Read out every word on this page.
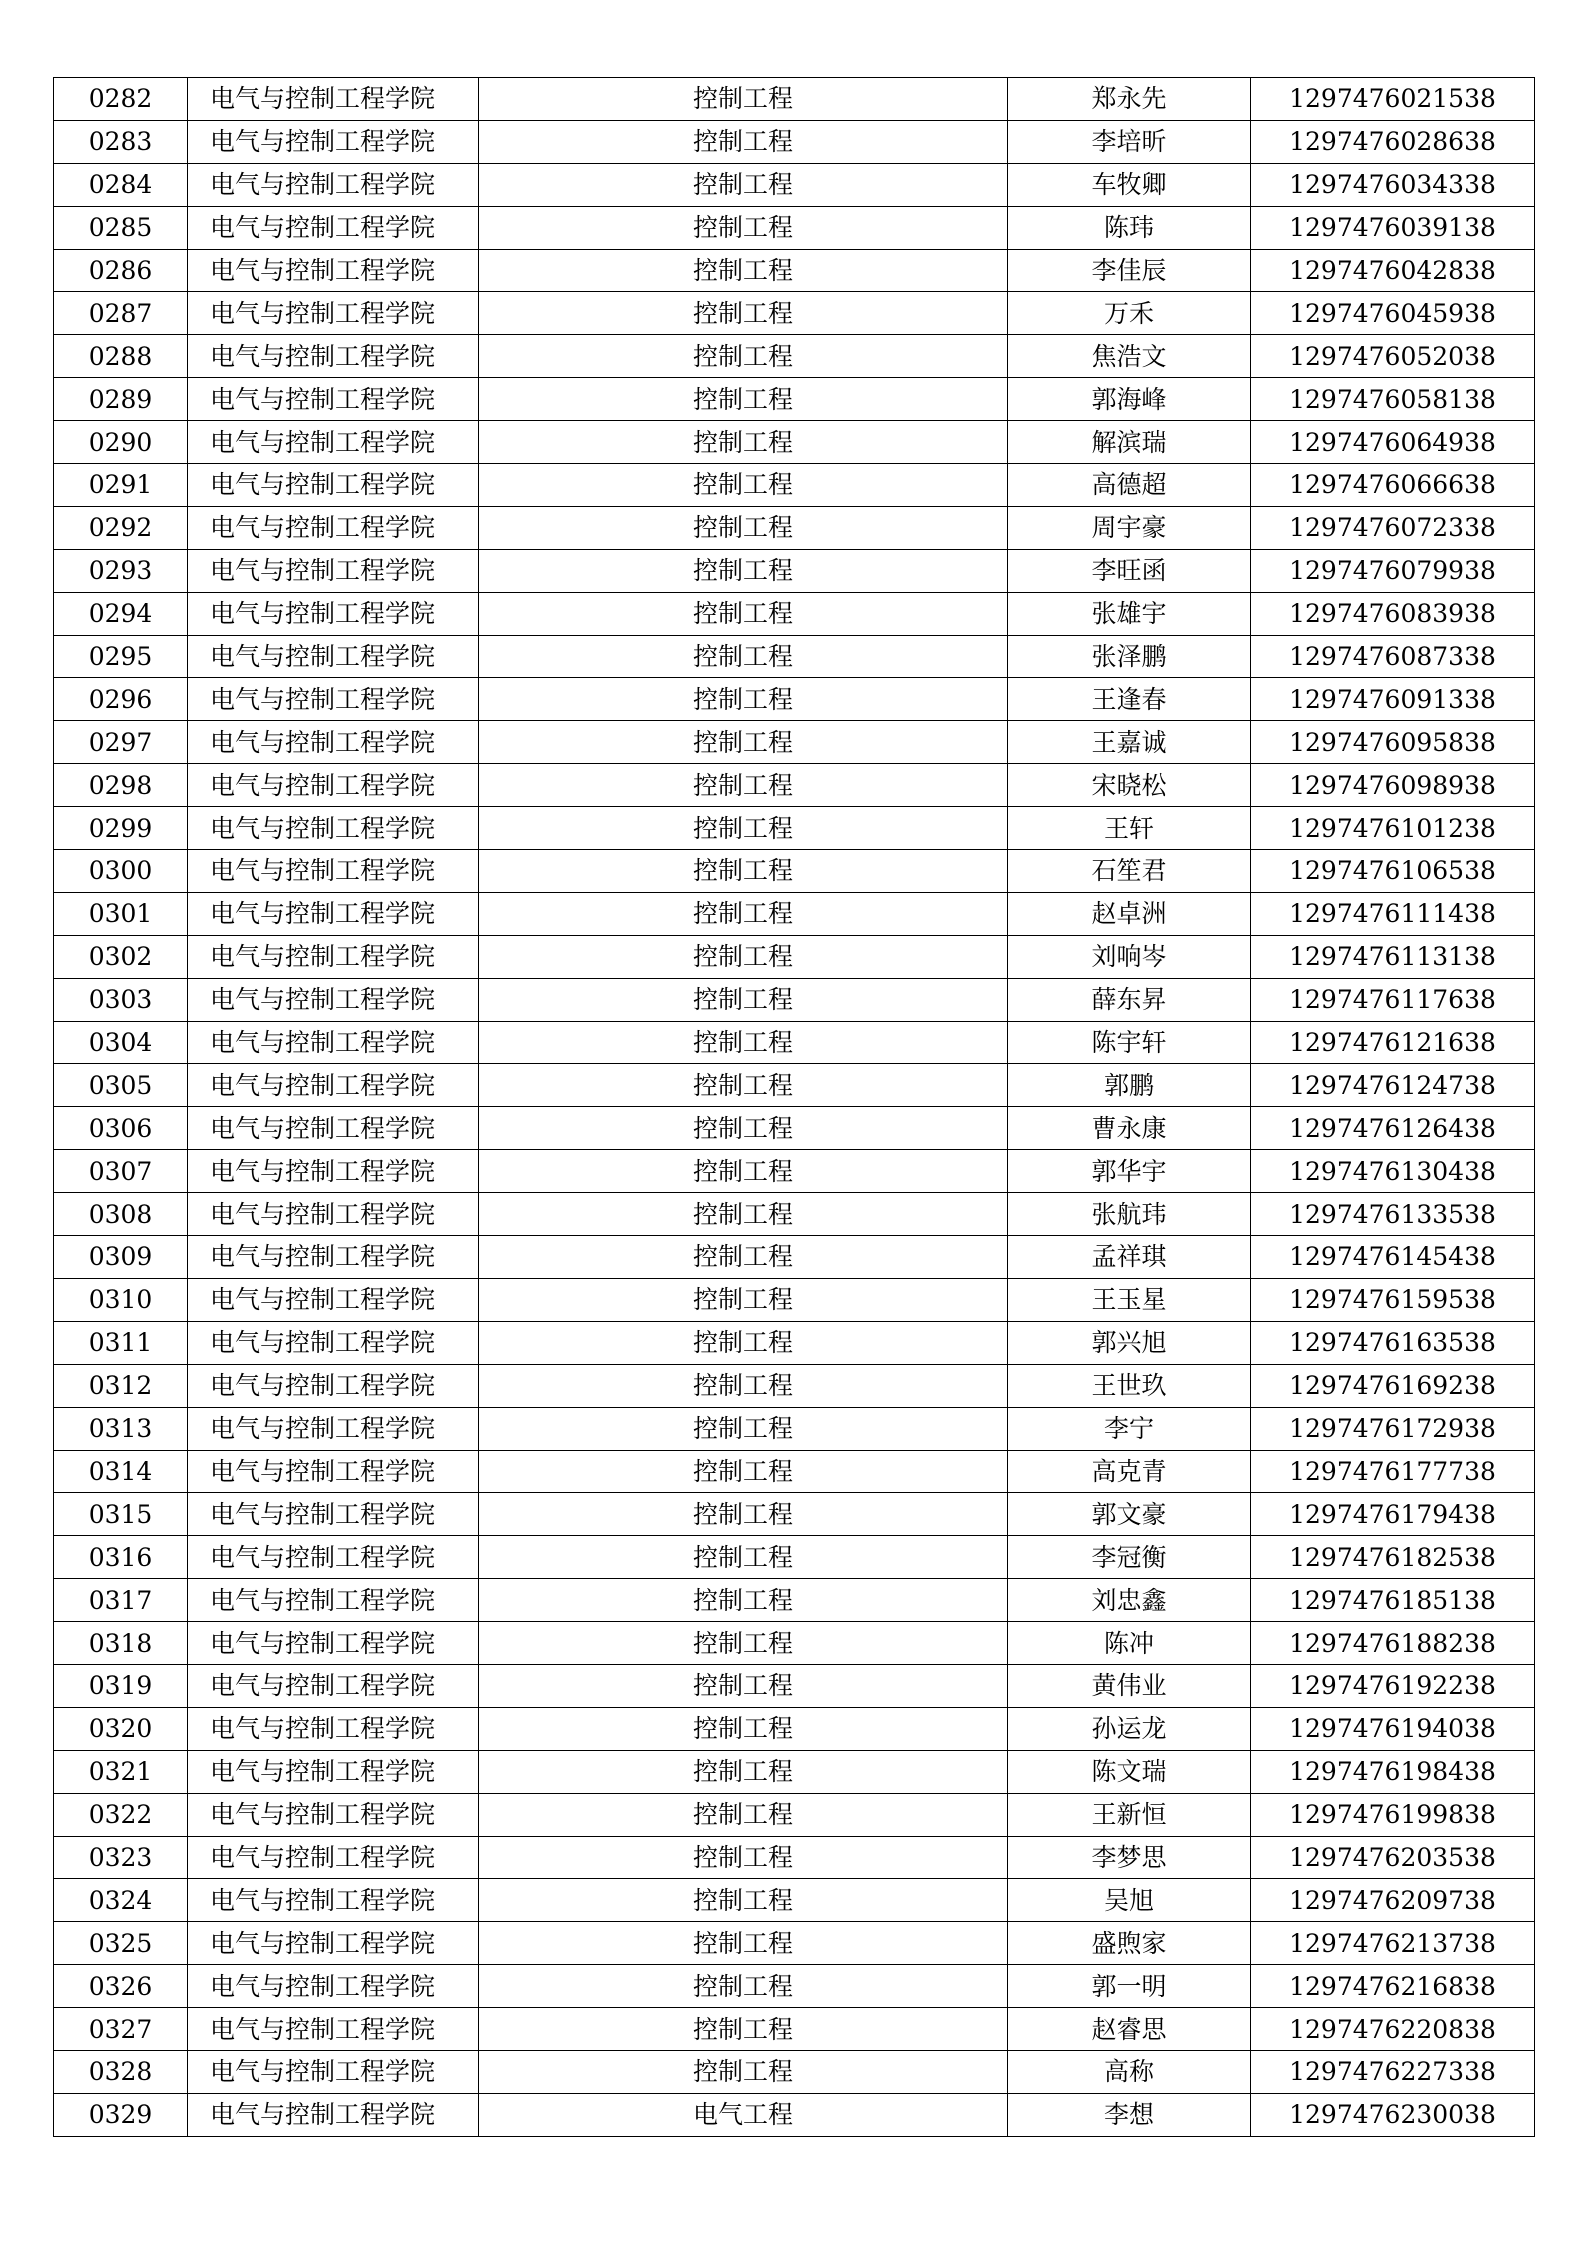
0282	电气与控制工程学院	控制工程	郑永先	1297476021538
0283	电气与控制工程学院	控制工程	李培昕	1297476028638
0284	电气与控制工程学院	控制工程	车牧卿	1297476034338
0285	电气与控制工程学院	控制工程	陈玮	1297476039138
0286	电气与控制工程学院	控制工程	李佳辰	1297476042838
0287	电气与控制工程学院	控制工程	万禾	1297476045938
0288	电气与控制工程学院	控制工程	焦浩文	1297476052038
0289	电气与控制工程学院	控制工程	郭海峰	1297476058138
0290	电气与控制工程学院	控制工程	解滨瑞	1297476064938
0291	电气与控制工程学院	控制工程	高德超	1297476066638
0292	电气与控制工程学院	控制工程	周宇豪	1297476072338
0293	电气与控制工程学院	控制工程	李旺函	1297476079938
0294	电气与控制工程学院	控制工程	张雄宇	1297476083938
0295	电气与控制工程学院	控制工程	张泽鹏	1297476087338
0296	电气与控制工程学院	控制工程	王逢春	1297476091338
0297	电气与控制工程学院	控制工程	王嘉诚	1297476095838
0298	电气与控制工程学院	控制工程	宋晓松	1297476098938
0299	电气与控制工程学院	控制工程	王轩	1297476101238
0300	电气与控制工程学院	控制工程	石笙君	1297476106538
0301	电气与控制工程学院	控制工程	赵卓洲	1297476111438
0302	电气与控制工程学院	控制工程	刘响岑	1297476113138
0303	电气与控制工程学院	控制工程	薛东昇	1297476117638
0304	电气与控制工程学院	控制工程	陈宇轩	1297476121638
0305	电气与控制工程学院	控制工程	郭鹏	1297476124738
0306	电气与控制工程学院	控制工程	曹永康	1297476126438
0307	电气与控制工程学院	控制工程	郭华宇	1297476130438
0308	电气与控制工程学院	控制工程	张航玮	1297476133538
0309	电气与控制工程学院	控制工程	孟祥琪	1297476145438
0310	电气与控制工程学院	控制工程	王玉星	1297476159538
0311	电气与控制工程学院	控制工程	郭兴旭	1297476163538
0312	电气与控制工程学院	控制工程	王世玖	1297476169238
0313	电气与控制工程学院	控制工程	李宁	1297476172938
0314	电气与控制工程学院	控制工程	高克青	1297476177738
0315	电气与控制工程学院	控制工程	郭文豪	1297476179438
0316	电气与控制工程学院	控制工程	李冠衡	1297476182538
0317	电气与控制工程学院	控制工程	刘忠鑫	1297476185138
0318	电气与控制工程学院	控制工程	陈冲	1297476188238
0319	电气与控制工程学院	控制工程	黄伟业	1297476192238
0320	电气与控制工程学院	控制工程	孙运龙	1297476194038
0321	电气与控制工程学院	控制工程	陈文瑞	1297476198438
0322	电气与控制工程学院	控制工程	王新恒	1297476199838
0323	电气与控制工程学院	控制工程	李梦思	1297476203538
0324	电气与控制工程学院	控制工程	吴旭	1297476209738
0325	电气与控制工程学院	控制工程	盛煦家	1297476213738
0326	电气与控制工程学院	控制工程	郭一明	1297476216838
0327	电气与控制工程学院	控制工程	赵睿思	1297476220838
0328	电气与控制工程学院	控制工程	高称	1297476227338
0329	电气与控制工程学院	电气工程	李想	1297476230038
